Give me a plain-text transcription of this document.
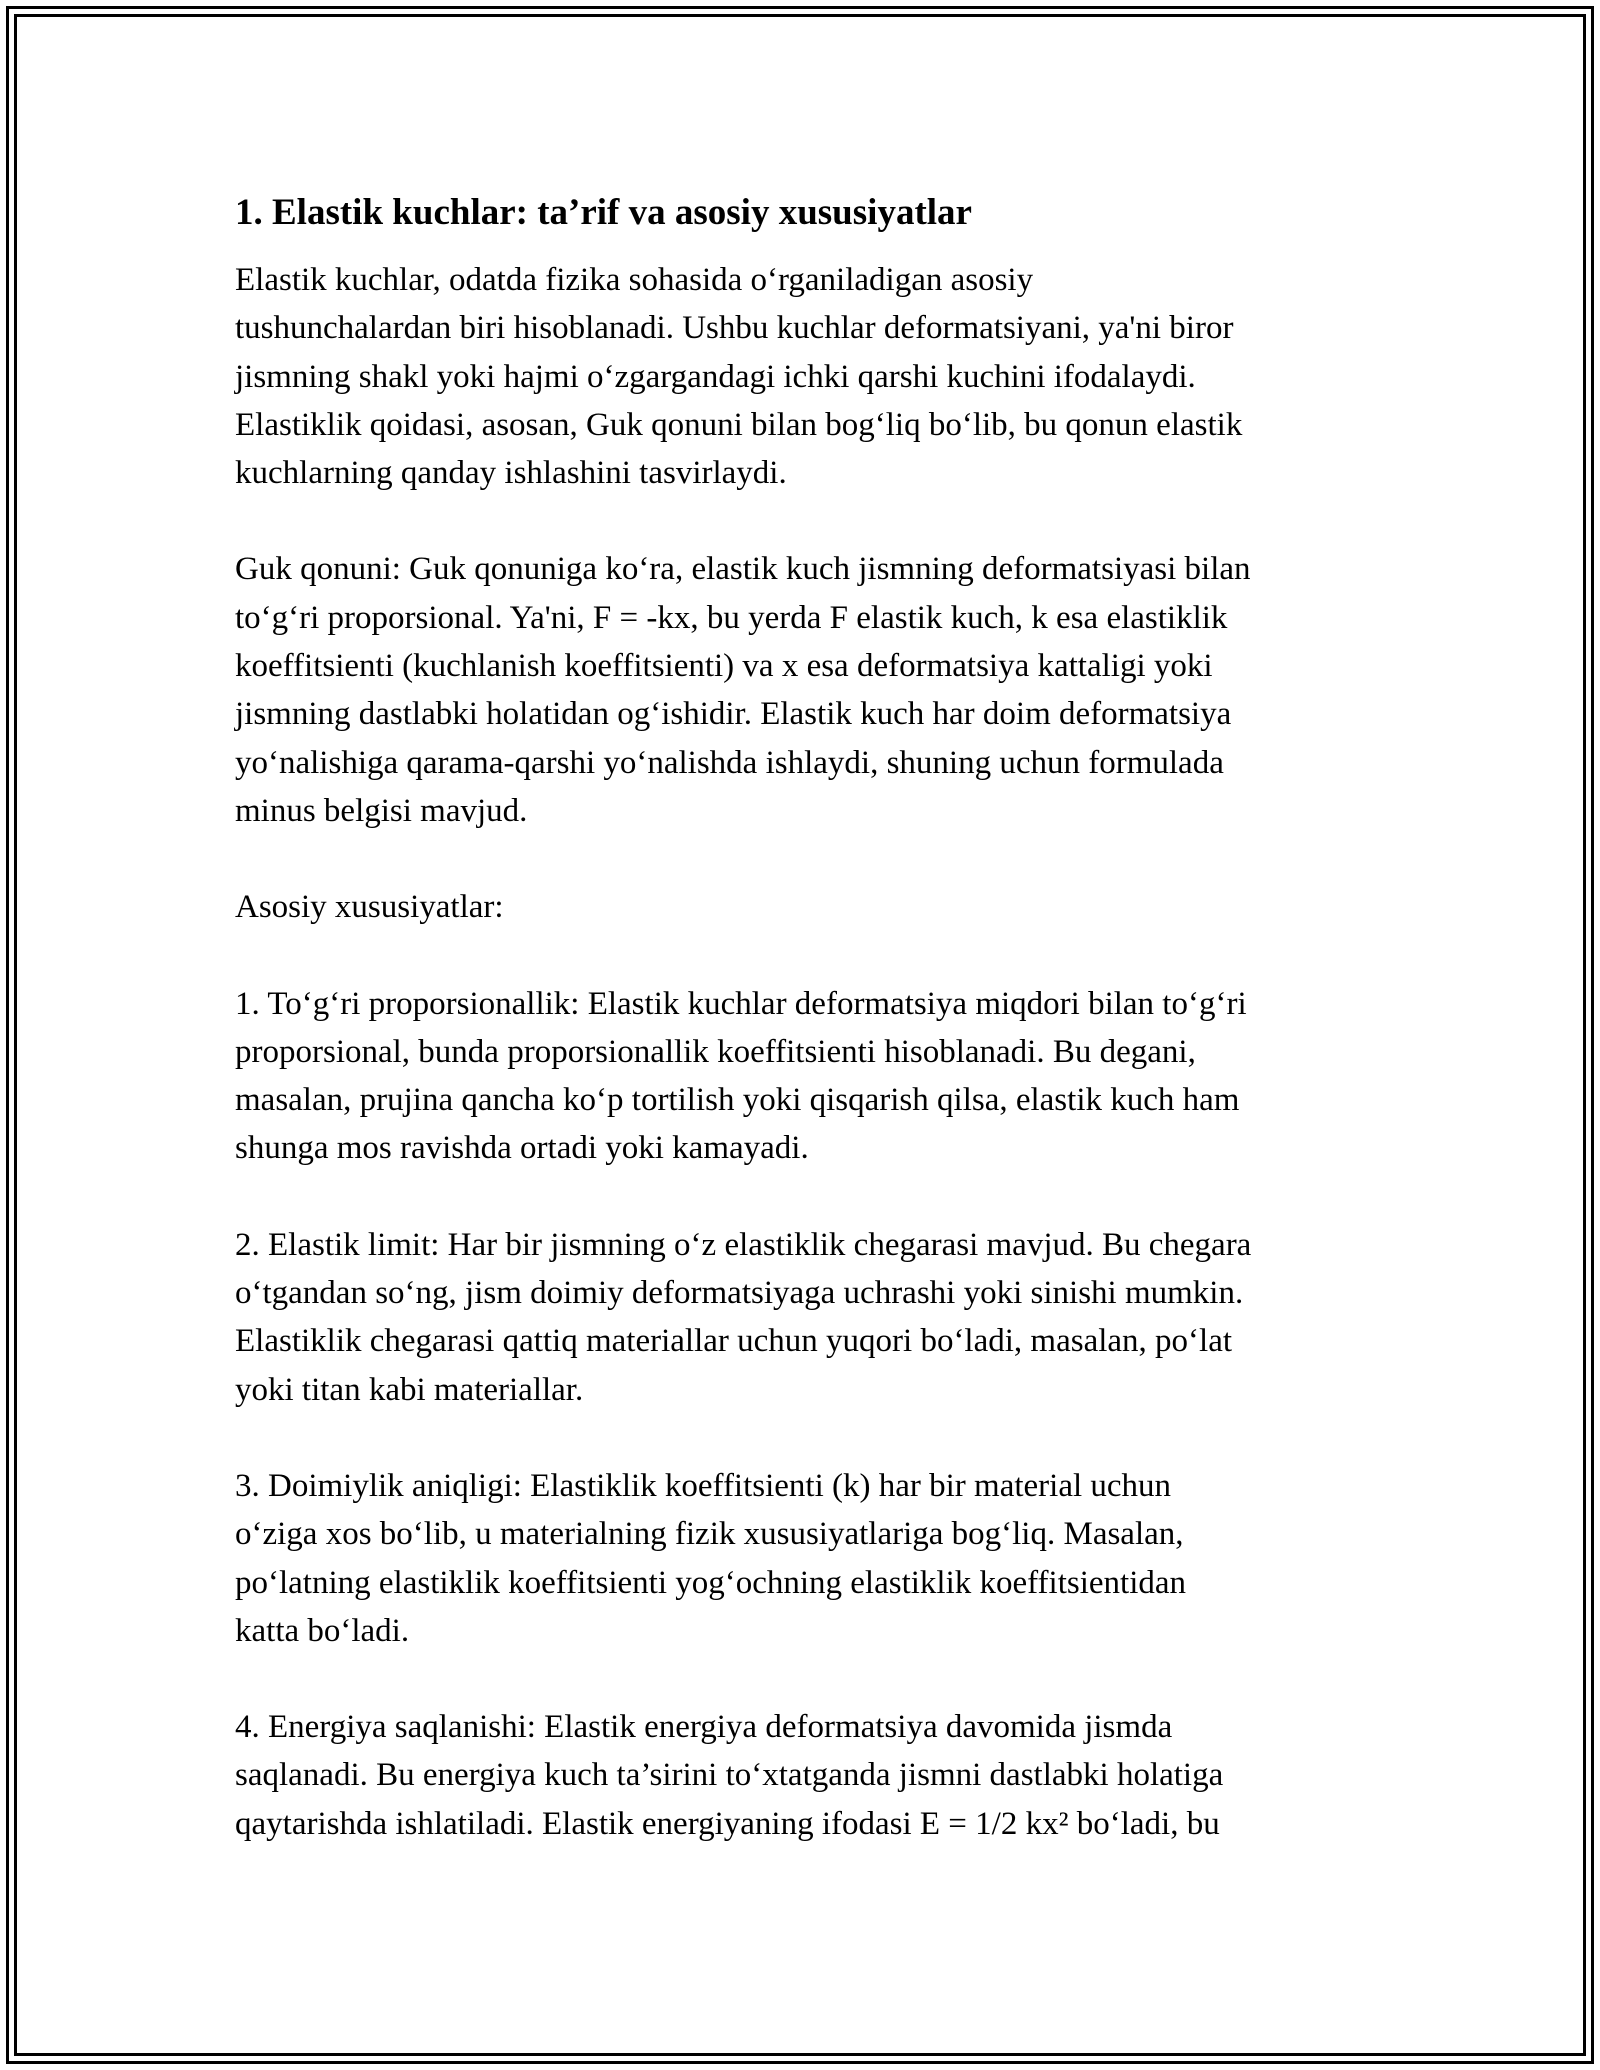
1. Elastik kuchlar: ta’rif va asosiy xususiyatlar

Elastik kuchlar, odatda fizika sohasida o‘rganiladigan asosiy
tushunchalardan biri hisoblanadi. Ushbu kuchlar deformatsiyani, ya'ni biror
jismning shakl yoki hajmi o‘zgargandagi ichki qarshi kuchini ifodalaydi.
Elastiklik qoidasi, asosan, Guk qonuni bilan bog‘liq bo‘lib, bu qonun elastik
kuchlarning qanday ishlashini tasvirlaydi.

Guk qonuni: Guk qonuniga ko‘ra, elastik kuch jismning deformatsiyasi bilan
to‘g‘ri proporsional. Ya'ni, F = -kx, bu yerda F elastik kuch, k esa elastiklik
koeffitsienti (kuchlanish koeffitsienti) va x esa deformatsiya kattaligi yoki
jismning dastlabki holatidan og‘ishidir. Elastik kuch har doim deformatsiya
yo‘nalishiga qarama-qarshi yo‘nalishda ishlaydi, shuning uchun formulada
minus belgisi mavjud.

Asosiy xususiyatlar:

1. To‘g‘ri proporsionallik: Elastik kuchlar deformatsiya miqdori bilan to‘g‘ri
proporsional, bunda proporsionallik koeffitsienti hisoblanadi. Bu degani,
masalan, prujina qancha ko‘p tortilish yoki qisqarish qilsa, elastik kuch ham
shunga mos ravishda ortadi yoki kamayadi.

2. Elastik limit: Har bir jismning o‘z elastiklik chegarasi mavjud. Bu chegara
o‘tgandan so‘ng, jism doimiy deformatsiyaga uchrashi yoki sinishi mumkin.
Elastiklik chegarasi qattiq materiallar uchun yuqori bo‘ladi, masalan, po‘lat
yoki titan kabi materiallar.

3. Doimiylik aniqligi: Elastiklik koeffitsienti (k) har bir material uchun
o‘ziga xos bo‘lib, u materialning fizik xususiyatlariga bog‘liq. Masalan,
po‘latning elastiklik koeffitsienti yog‘ochning elastiklik koeffitsientidan
katta bo‘ladi.

4. Energiya saqlanishi: Elastik energiya deformatsiya davomida jismda
saqlanadi. Bu energiya kuch ta’sirini to‘xtatganda jismni dastlabki holatiga
qaytarishda ishlatiladi. Elastik energiyaning ifodasi E = 1/2 kx² bo‘ladi, bu
